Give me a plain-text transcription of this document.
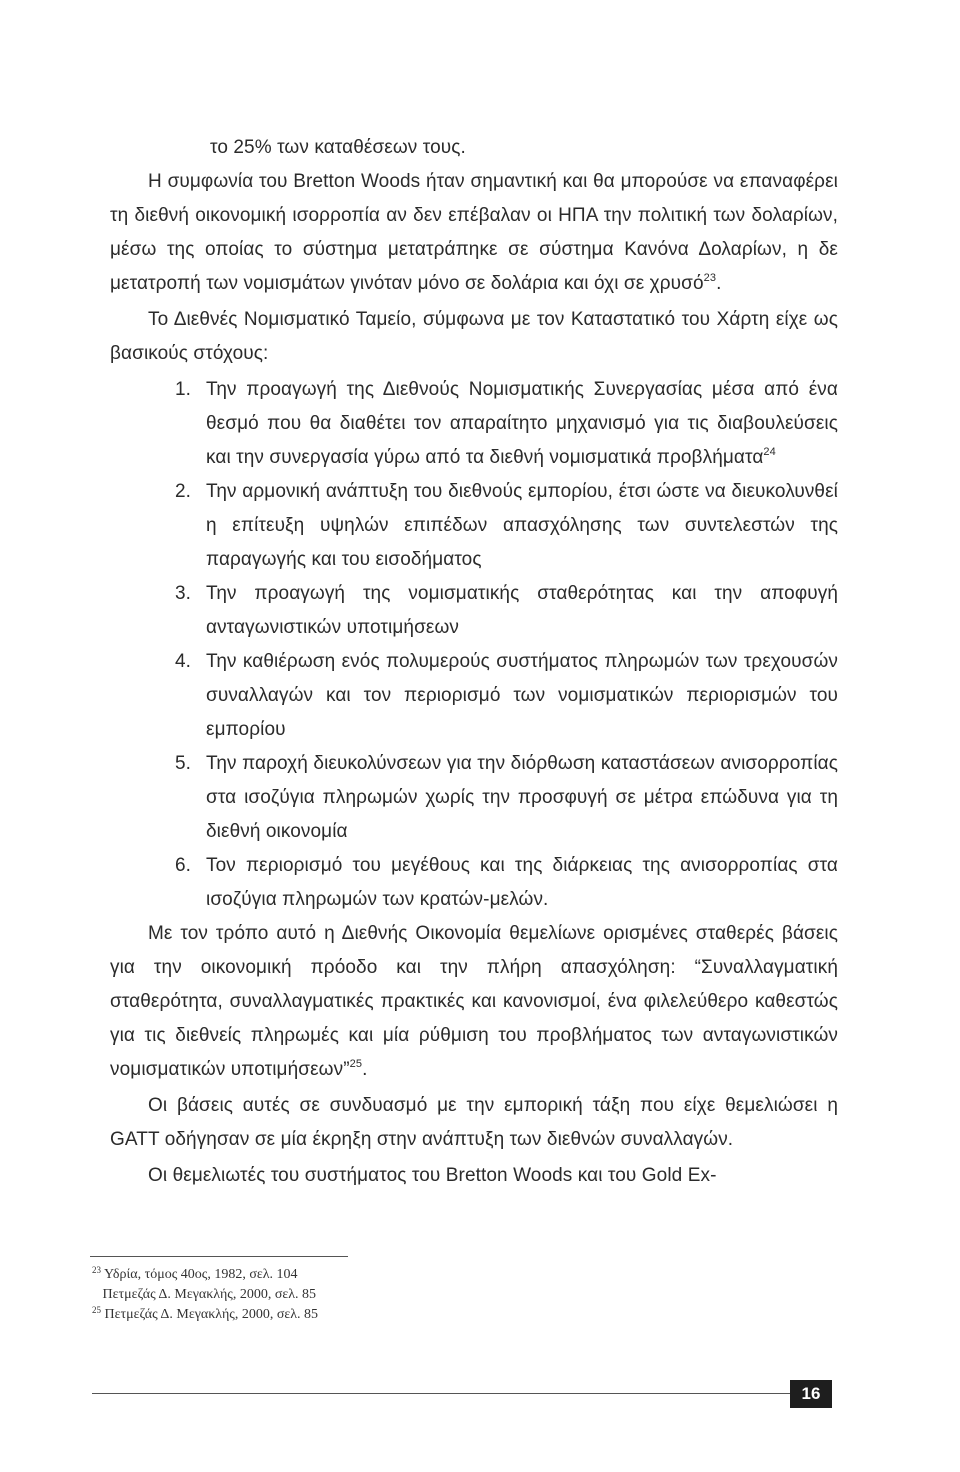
το 25% των καταθέσεων τους.

Η συμφωνία του Bretton Woods ήταν σημαντική και θα μπορούσε να επαναφέρει τη διεθνή οικονομική ισορροπία αν δεν επέβαλαν οι ΗΠΑ την πολιτική των δολαρίων, μέσω της οποίας το σύστημα μετατράπηκε σε σύστημα Κανόνα Δολαρίων, η δε μετατροπή των νομισμάτων γινόταν μόνο σε δολάρια και όχι σε χρυσό$^{23}$.

Το Διεθνές Νομισματικό Ταμείο, σύμφωνα με τον Καταστατικό του Χάρτη είχε ως βασικούς στόχους:

1. Την προαγωγή της Διεθνούς Νομισματικής Συνεργασίας μέσα από ένα θεσμό που θα διαθέτει τον απαραίτητο μηχανισμό για τις διαβουλεύσεις και την συνεργασία γύρω από τα διεθνή νομισματικά προβλήματα$^{24}$
2. Την αρμονική ανάπτυξη του διεθνούς εμπορίου, έτσι ώστε να διευκολυνθεί η επίτευξη υψηλών επιπέδων απασχόλησης των συντελεστών της παραγωγής και του εισοδήματος
3. Την προαγωγή της νομισματικής σταθερότητας και την αποφυγή ανταγωνιστικών υποτιμήσεων
4. Την καθιέρωση ενός πολυμερούς συστήματος πληρωμών των τρεχουσών συναλλαγών και τον περιορισμό των νομισματικών περιορισμών του εμπορίου
5. Την παροχή διευκολύνσεων για την διόρθωση καταστάσεων ανισορροπίας στα ισοζύγια πληρωμών χωρίς την προσφυγή σε μέτρα επώδυνα για τη διεθνή οικονομία
6. Τον περιορισμό του μεγέθους και της διάρκειας της ανισορροπίας στα ισοζύγια πληρωμών των κρατών-μελών.

Με τον τρόπο αυτό η Διεθνής Οικονομία θεμελίωνε ορισμένες σταθερές βάσεις για την οικονομική πρόοδο και την πλήρη απασχόληση: “Συναλλαγματική σταθερότητα, συναλλαγματικές πρακτικές και κανονισμοί, ένα φιλελεύθερο καθεστώς για τις διεθνείς πληρωμές και μία ρύθμιση του προβλήματος των ανταγωνιστικών νομισματικών υποτιμήσεων”$^{25}$.

Οι βάσεις αυτές σε συνδυασμό με την εμπορική τάξη που είχε θεμελιώσει η GATT οδήγησαν σε μία έκρηξη στην ανάπτυξη των διεθνών συναλλαγών.

Οι θεμελιωτές του συστήματος του Bretton Woods και του Gold Ex-

$^{23}$ Υδρία, τόμος 40ος, 1982, σελ. 104

Πετμεζάς Δ. Μεγακλής, 2000, σελ. 85

$^{25}$ Πετμεζάς Δ. Μεγακλής, 2000, σελ. 85

16
